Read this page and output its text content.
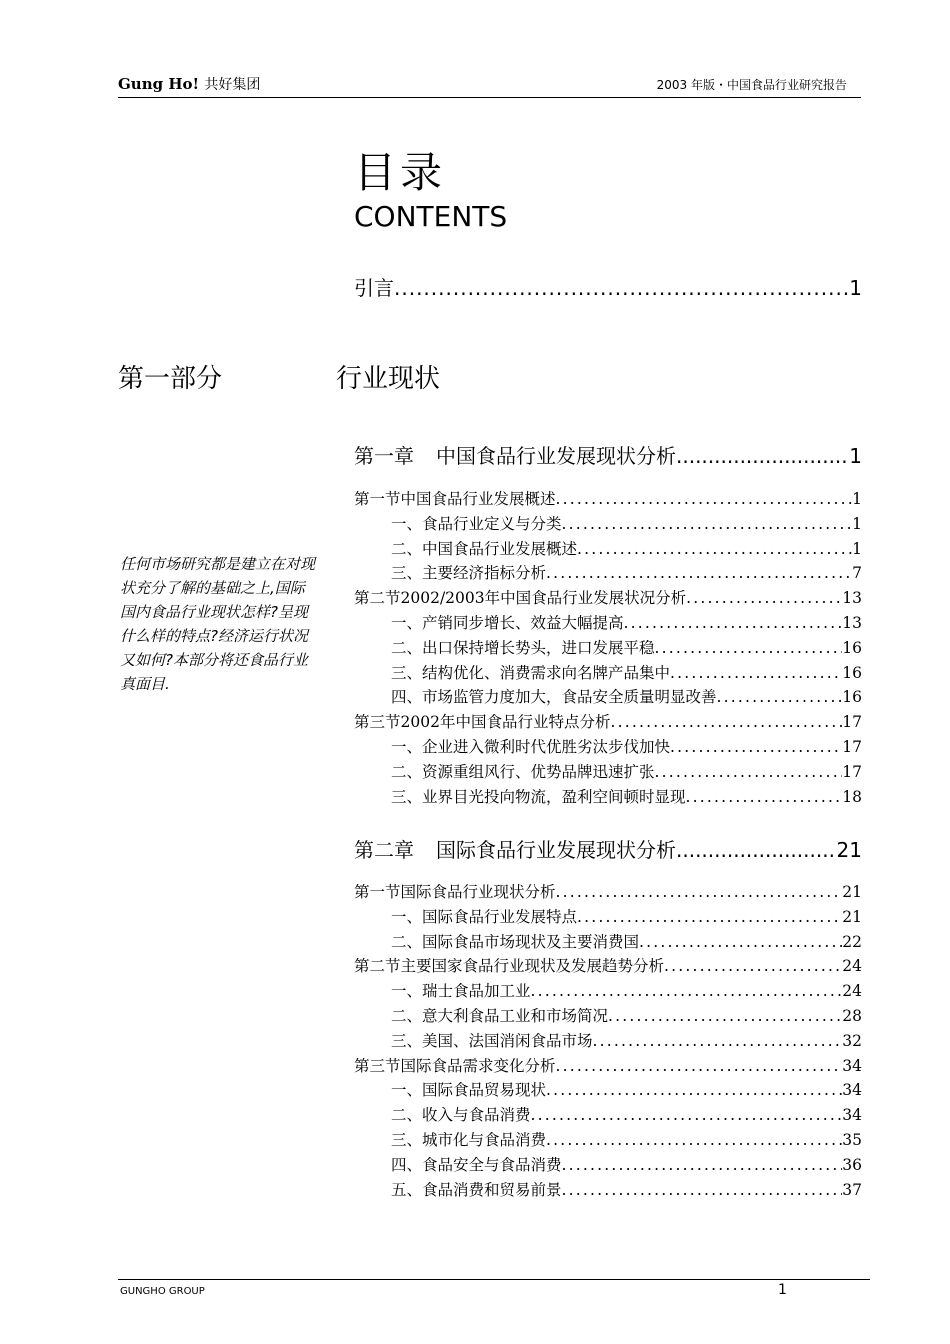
Gung Ho! 共好集团	2003 年版・中国食品行业研究报告
目录
CONTENTS
引言 .....	1
第一部分	行业现状
任何市场研究都是建立在对现状充分了解的基础之上,国际国内食品行业现状怎样?呈现什么样的特点?经济运行状况又如何?本部分将还食品行业真面目.
第一章 中国食品行业发展现状分析 .....	1
第一节 中国食品行业发展概述 .....	1
一、食品行业定义与分类 .....	1
二、中国食品行业发展概述 .....	1
三、主要经济指标分析 .....	7
第二节 2002/2003年中国食品行业发展状况分析 .....	13
一、产销同步增长、效益大幅提高 .....	13
二、出口保持增长势头，进口发展平稳 .....	16
三、结构优化、消费需求向名牌产品集中 .....	16
四、市场监管力度加大，食品安全质量明显改善 .....	16
第三节 2002年中国食品行业特点分析 .....	17
一、企业进入微利时代优胜劣汰步伐加快 .....	17
二、资源重组风行、优势品牌迅速扩张 .....	17
三、业界目光投向物流，盈利空间顿时显现 .....	18
第二章 国际食品行业发展现状分析 .....	21
第一节 国际食品行业现状分析 .....	21
一、国际食品行业发展特点 .....	21
二、国际食品市场现状及主要消费国 .....	22
第二节 主要国家食品行业现状及发展趋势分析 .....	24
一、瑞士食品加工业 .....	24
二、意大利食品工业和市场简况 .....	28
三、美国、法国消闲食品市场 .....	32
第三节 国际食品需求变化分析 .....	34
一、国际食品贸易现状 .....	34
二、收入与食品消费 .....	34
三、城市化与食品消费 .....	35
四、食品安全与食品消费 .....	36
五、食品消费和贸易前景 .....	37
GUNGHO GROUP	1
